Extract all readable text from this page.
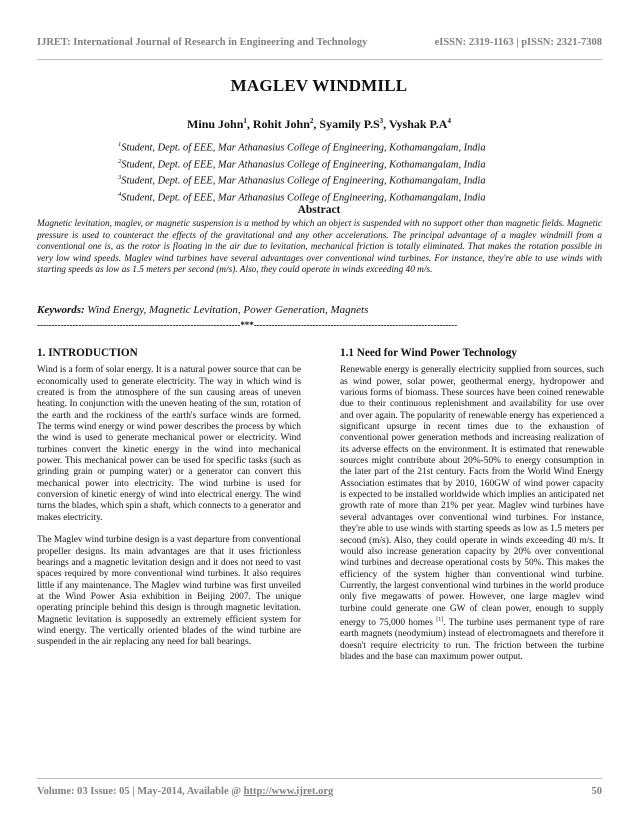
IJRET: International Journal of Research in Engineering and Technology	eISSN: 2319-1163 | pISSN: 2321-7308
MAGLEV WINDMILL
Minu John$^1$, Rohit John$^2$, Syamily $P.S^3$, Vyshak $P.A^4$
$^1$Student, Dept. of EEE, Mar Athanasius College of Engineering, Kothamangalam, India
$^2$Student, Dept. of EEE, Mar Athanasius College of Engineering, Kothamangalam, India
$^3$Student, Dept. of EEE, Mar Athanasius College of Engineering, Kothamangalam, India
$^4$Student, Dept. of EEE, Mar Athanasius College of Engineering, Kothamangalam, India
Abstract
Magnetic levitation, maglev, or magnetic suspension is a method by which an object is suspended with no support other than magnetic fields. Magnetic pressure is used to counteract the effects of the gravitational and any other accelerations. The principal advantage of a maglev windmill from a conventional one is, as the rotor is floating in the air due to levitation, mechanical friction is totally eliminated. That makes the rotation possible in very low wind speeds. Maglev wind turbines have several advantages over conventional wind turbines. For instance, they're able to use winds with starting speeds as low as 1.5 meters per second (m/s). Also, they could operate in winds exceeding 40 m/s.
Keywords: Wind Energy, Magnetic Levitation, Power Generation, Magnets
---------------------------------------------------------------------***---------------------------------------------------------------------
1. INTRODUCTION

Wind is a form of solar energy. It is a natural power source that can be economically used to generate electricity. The way in which wind is created is from the atmosphere of the sun causing areas of uneven heating. In conjunction with the uneven heating of the sun, rotation of the earth and the rockiness of the earth's surface winds are formed. The terms wind energy or wind power describes the process by which the wind is used to generate mechanical power or electricity. Wind turbines convert the kinetic energy in the wind into mechanical power. This mechanical power can be used for specific tasks (such as grinding grain or pumping water) or a generator can convert this mechanical power into electricity. The wind turbine is used for conversion of kinetic energy of wind into electrical energy. The wind turns the blades, which spin a shaft, which connects to a generator and makes electricity.

The Maglev wind turbine design is a vast departure from conventional propeller designs. Its main advantages are that it uses frictionless bearings and a magnetic levitation design and it does not need to vast spaces required by more conventional wind turbines. It also requires little if any maintenance. The Maglev wind turbine was first unveiled at the Wind Power Asia exhibition in Beijing 2007. The unique operating principle behind this design is through magnetic levitation. Magnetic levitation is supposedly an extremely efficient system for wind energy. The vertically oriented blades of the wind turbine are suspended in the air replacing any need for ball bearings.

1.1 Need for Wind Power Technology

Renewable energy is generally electricity supplied from sources, such as wind power, solar power, geothermal energy, hydropower and various forms of biomass. These sources have been coined renewable due to their continuous replenishment and availability for use over and over again. The popularity of renewable energy has experienced a significant upsurge in recent times due to the exhaustion of conventional power generation methods and increasing realization of its adverse effects on the environment. It is estimated that renewable sources might contribute about 20%-50% to energy consumption in the later part of the 21st century. Facts from the World Wind Energy Association estimates that by 2010, 160GW of wind power capacity is expected to be installed worldwide which implies an anticipated net growth rate of more than 21% per year. Maglev wind turbines have several advantages over conventional wind turbines. For instance, they're able to use winds with starting speeds as low as 1.5 meters per second (m/s). Also, they could operate in winds exceeding 40 m/s. It would also increase generation capacity by 20% over conventional wind turbines and decrease operational costs by 50%. This makes the efficiency of the system higher than conventional wind turbine. Currently, the largest conventional wind turbines in the world produce only five megawatts of power. However, one large maglev wind turbine could generate one GW of clean power, enough to supply energy to 75,000 homes [1]. The turbine uses permanent type of rare earth magnets (neodymium) instead of electromagnets and therefore it doesn't require electricity to run. The friction between the turbine blades and the base can maximum power output.

Volume: 03 Issue: 05 | May-2014, Available @ http://www.ijret.org	50
